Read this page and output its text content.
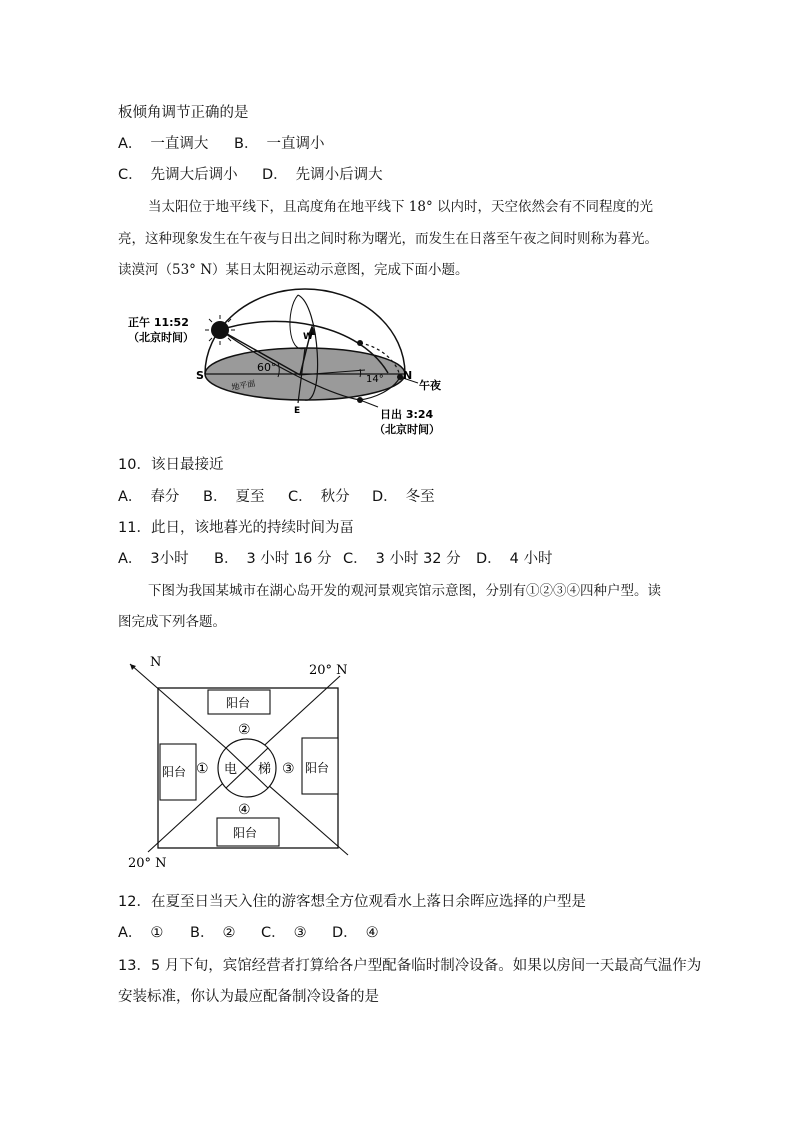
板倾角调节正确的是
A． 一直调大 B． 一直调小
C． 先调大后调小 D． 先调小后调大
当太阳位于地平线下，且高度角在地平线下 18° 以内时，天空依然会有不同程度的光
亮，这种现象发生在午夜与日出之间时称为曙光，而发生在日落至午夜之间时则称为暮光。
读漠河（53° N）某日太阳视运动示意图，完成下面小题。
正午 11:52
（北京时间）
60°
14°
S	N
W
E
地平面	午夜
日出 3:24
（北京时间）
10．该日最接近
A． 春分 B． 夏至 C． 秋分 D． 冬至
11．此日，该地暮光的持续时间为畐
A． 3小时 B． 3 小时 16 分 C． 3 小时 32 分 D． 4 小时
下图为我国某城市在湖心岛开发的观河景观宾馆示意图，分别有①②③④四种户型。读
图完成下列各题。
N
20° N
20° N
阳台
阳台	阳台
阳台
①
②
③
④
电 梯
12．在夏至日当天入住的游客想全方位观看水上落日余晖应选择的户型是
A． ① B． ② C． ③ D． ④
13．5 月下旬，宾馆经营者打算给各户型配备临时制冷设备。如果以房间一天最高气温作为
安装标准，你认为最应配备制冷设备的是
